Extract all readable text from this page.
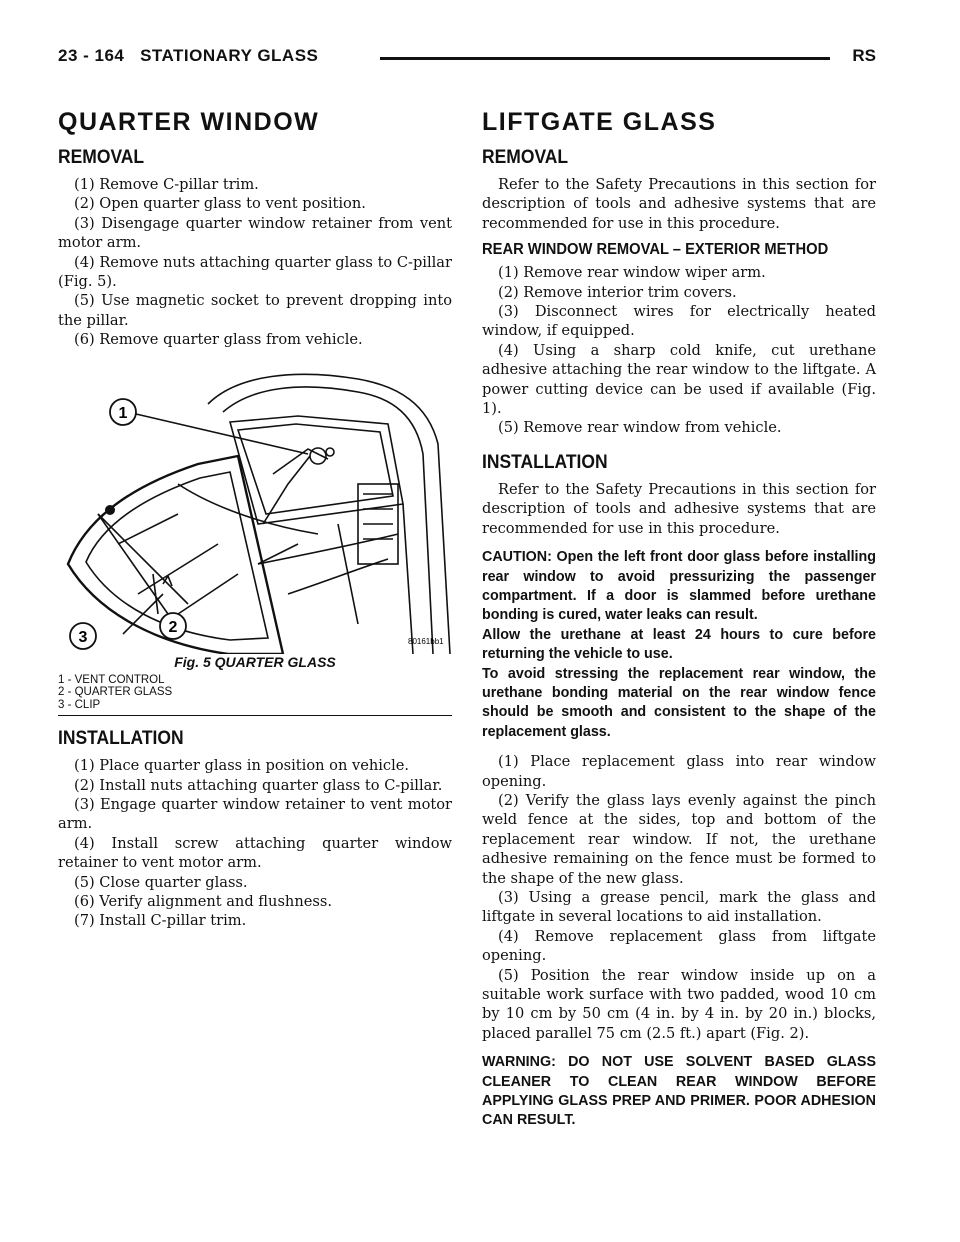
23 - 164 STATIONARY GLASS	RS
QUARTER WINDOW
REMOVAL

(1) Remove C-pillar trim.

(2) Open quarter glass to vent position.

(3) Disengage quarter window retainer from vent motor arm.

(4) Remove nuts attaching quarter glass to C-pillar (Fig. 5).

(5) Use magnetic socket to prevent dropping into the pillar.

(6) Remove quarter glass from vehicle.

1
2
3	80161bb1
Fig. 5 QUARTER GLASS
1 - VENT CONTROL
2 - QUARTER GLASS
3 - CLIP
INSTALLATION

(1) Place quarter glass in position on vehicle.

(2) Install nuts attaching quarter glass to C-pillar.

(3) Engage quarter window retainer to vent motor arm.

(4) Install screw attaching quarter window retainer to vent motor arm.

(5) Close quarter glass.

(6) Verify alignment and flushness.

(7) Install C-pillar trim.

LIFTGATE GLASS
REMOVAL

Refer to the Safety Precautions in this section for description of tools and adhesive systems that are recommended for use in this procedure.

REAR WINDOW REMOVAL – EXTERIOR METHOD

(1) Remove rear window wiper arm.

(2) Remove interior trim covers.

(3) Disconnect wires for electrically heated window, if equipped.

(4) Using a sharp cold knife, cut urethane adhesive attaching the rear window to the liftgate. A power cutting device can be used if available (Fig. 1).

(5) Remove rear window from vehicle.

INSTALLATION

Refer to the Safety Precautions in this section for description of tools and adhesive systems that are recommended for use in this procedure.

CAUTION: Open the left front door glass before installing rear window to avoid pressurizing the passenger compartment. If a door is slammed before urethane bonding is cured, water leaks can result.

Allow the urethane at least 24 hours to cure before returning the vehicle to use.

To avoid stressing the replacement rear window, the urethane bonding material on the rear window fence should be smooth and consistent to the shape of the replacement glass.

(1) Place replacement glass into rear window opening.

(2) Verify the glass lays evenly against the pinch weld fence at the sides, top and bottom of the replacement rear window. If not, the urethane adhesive remaining on the fence must be formed to the shape of the new glass.

(3) Using a grease pencil, mark the glass and liftgate in several locations to aid installation.

(4) Remove replacement glass from liftgate opening.

(5) Position the rear window inside up on a suitable work surface with two padded, wood 10 cm by 10 cm by 50 cm (4 in. by 4 in. by 20 in.) blocks, placed parallel 75 cm (2.5 ft.) apart (Fig. 2).

WARNING: DO NOT USE SOLVENT BASED GLASS CLEANER TO CLEAN REAR WINDOW BEFORE APPLYING GLASS PREP AND PRIMER. POOR ADHESION CAN RESULT.
